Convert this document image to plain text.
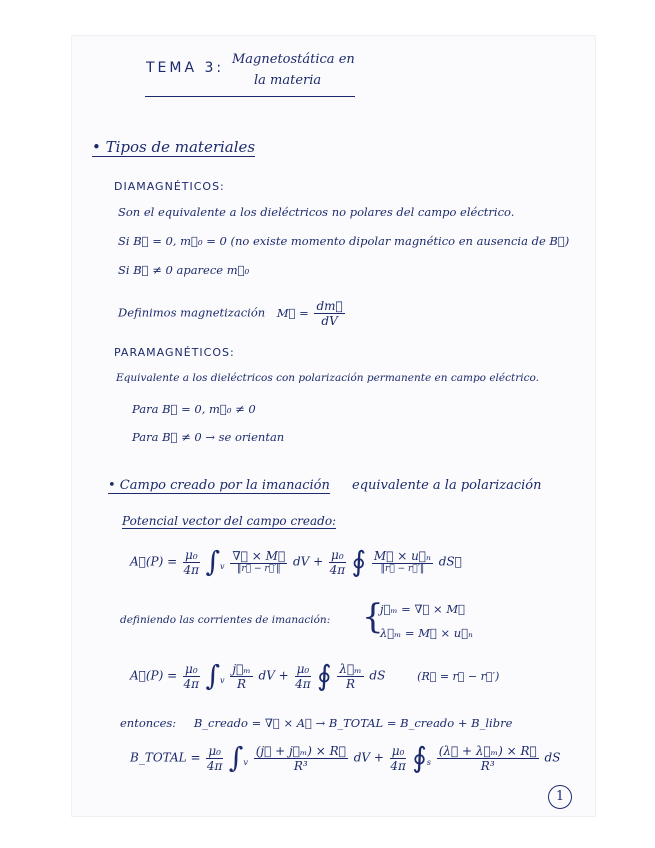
TEMA 3:
Magnetostática en
la materia
• Tipos de materiales
DIAMAGNÉTICOS:
Son el equivalente a los dieléctricos no polares del campo eléctrico.
Si B⃗ = 0, m⃗₀ = 0 (no existe momento dipolar magnético en ausencia de B⃗)
Si B⃗ ≠ 0 aparece m⃗₀
Definimos magnetización M⃗ = $\frac{dm⃗}{dV}$
PARAMAGNÉTICOS:
Equivalente a los dieléctricos con polarización permanente en campo eléctrico.
Para B⃗ = 0, m⃗₀ ≠ 0
Para B⃗ ≠ 0 → se orientan
• Campo creado por la imanación equivalente a la polarización
Potencial vector del campo creado:
A⃗(P) = $\frac{\text{μ₀}}{4\pi} \int_v \frac{\nabla⃗ \times M⃗}{‖r⃗ - r⃗'‖}$ dV + $\frac{\text{μ₀}}{4\pi}$ ∮ $\frac{\text{M⃗ × u⃗ₙ}}{‖r⃗ - r⃗'‖}$ dS⃗
definiendo las corrientes de imanación: {
j⃗ₘ = ∇⃗ × M⃗
λ⃗ₘ = M⃗ × u⃗ₙ
A⃗(P) = $\frac{\text{μ₀}}{4\pi} \int_v \frac{\text{j⃗ₘ}}{R}$ dV + $\frac{\text{μ₀}}{4\pi}$ ∮ $\frac{\text{λ⃗ₘ}}{R}$ dS	(R⃗ = r⃗ − r⃗′)
entonces: B_creado = ∇⃗ × A⃗ → B_TOTAL = B_creado + B_libre
B_TOTAL = $\frac{\text{μ₀}}{4\pi} \int_v \frac{\text{(j⃗ + j⃗ₘ) × R⃗}}{\text{R³}}$ dV + $\frac{\text{μ₀}}{4\pi}$ $∮_s \frac{\text{(λ⃗ + λ⃗ₘ) × R⃗}}{\text{R³}}$ dS
1
